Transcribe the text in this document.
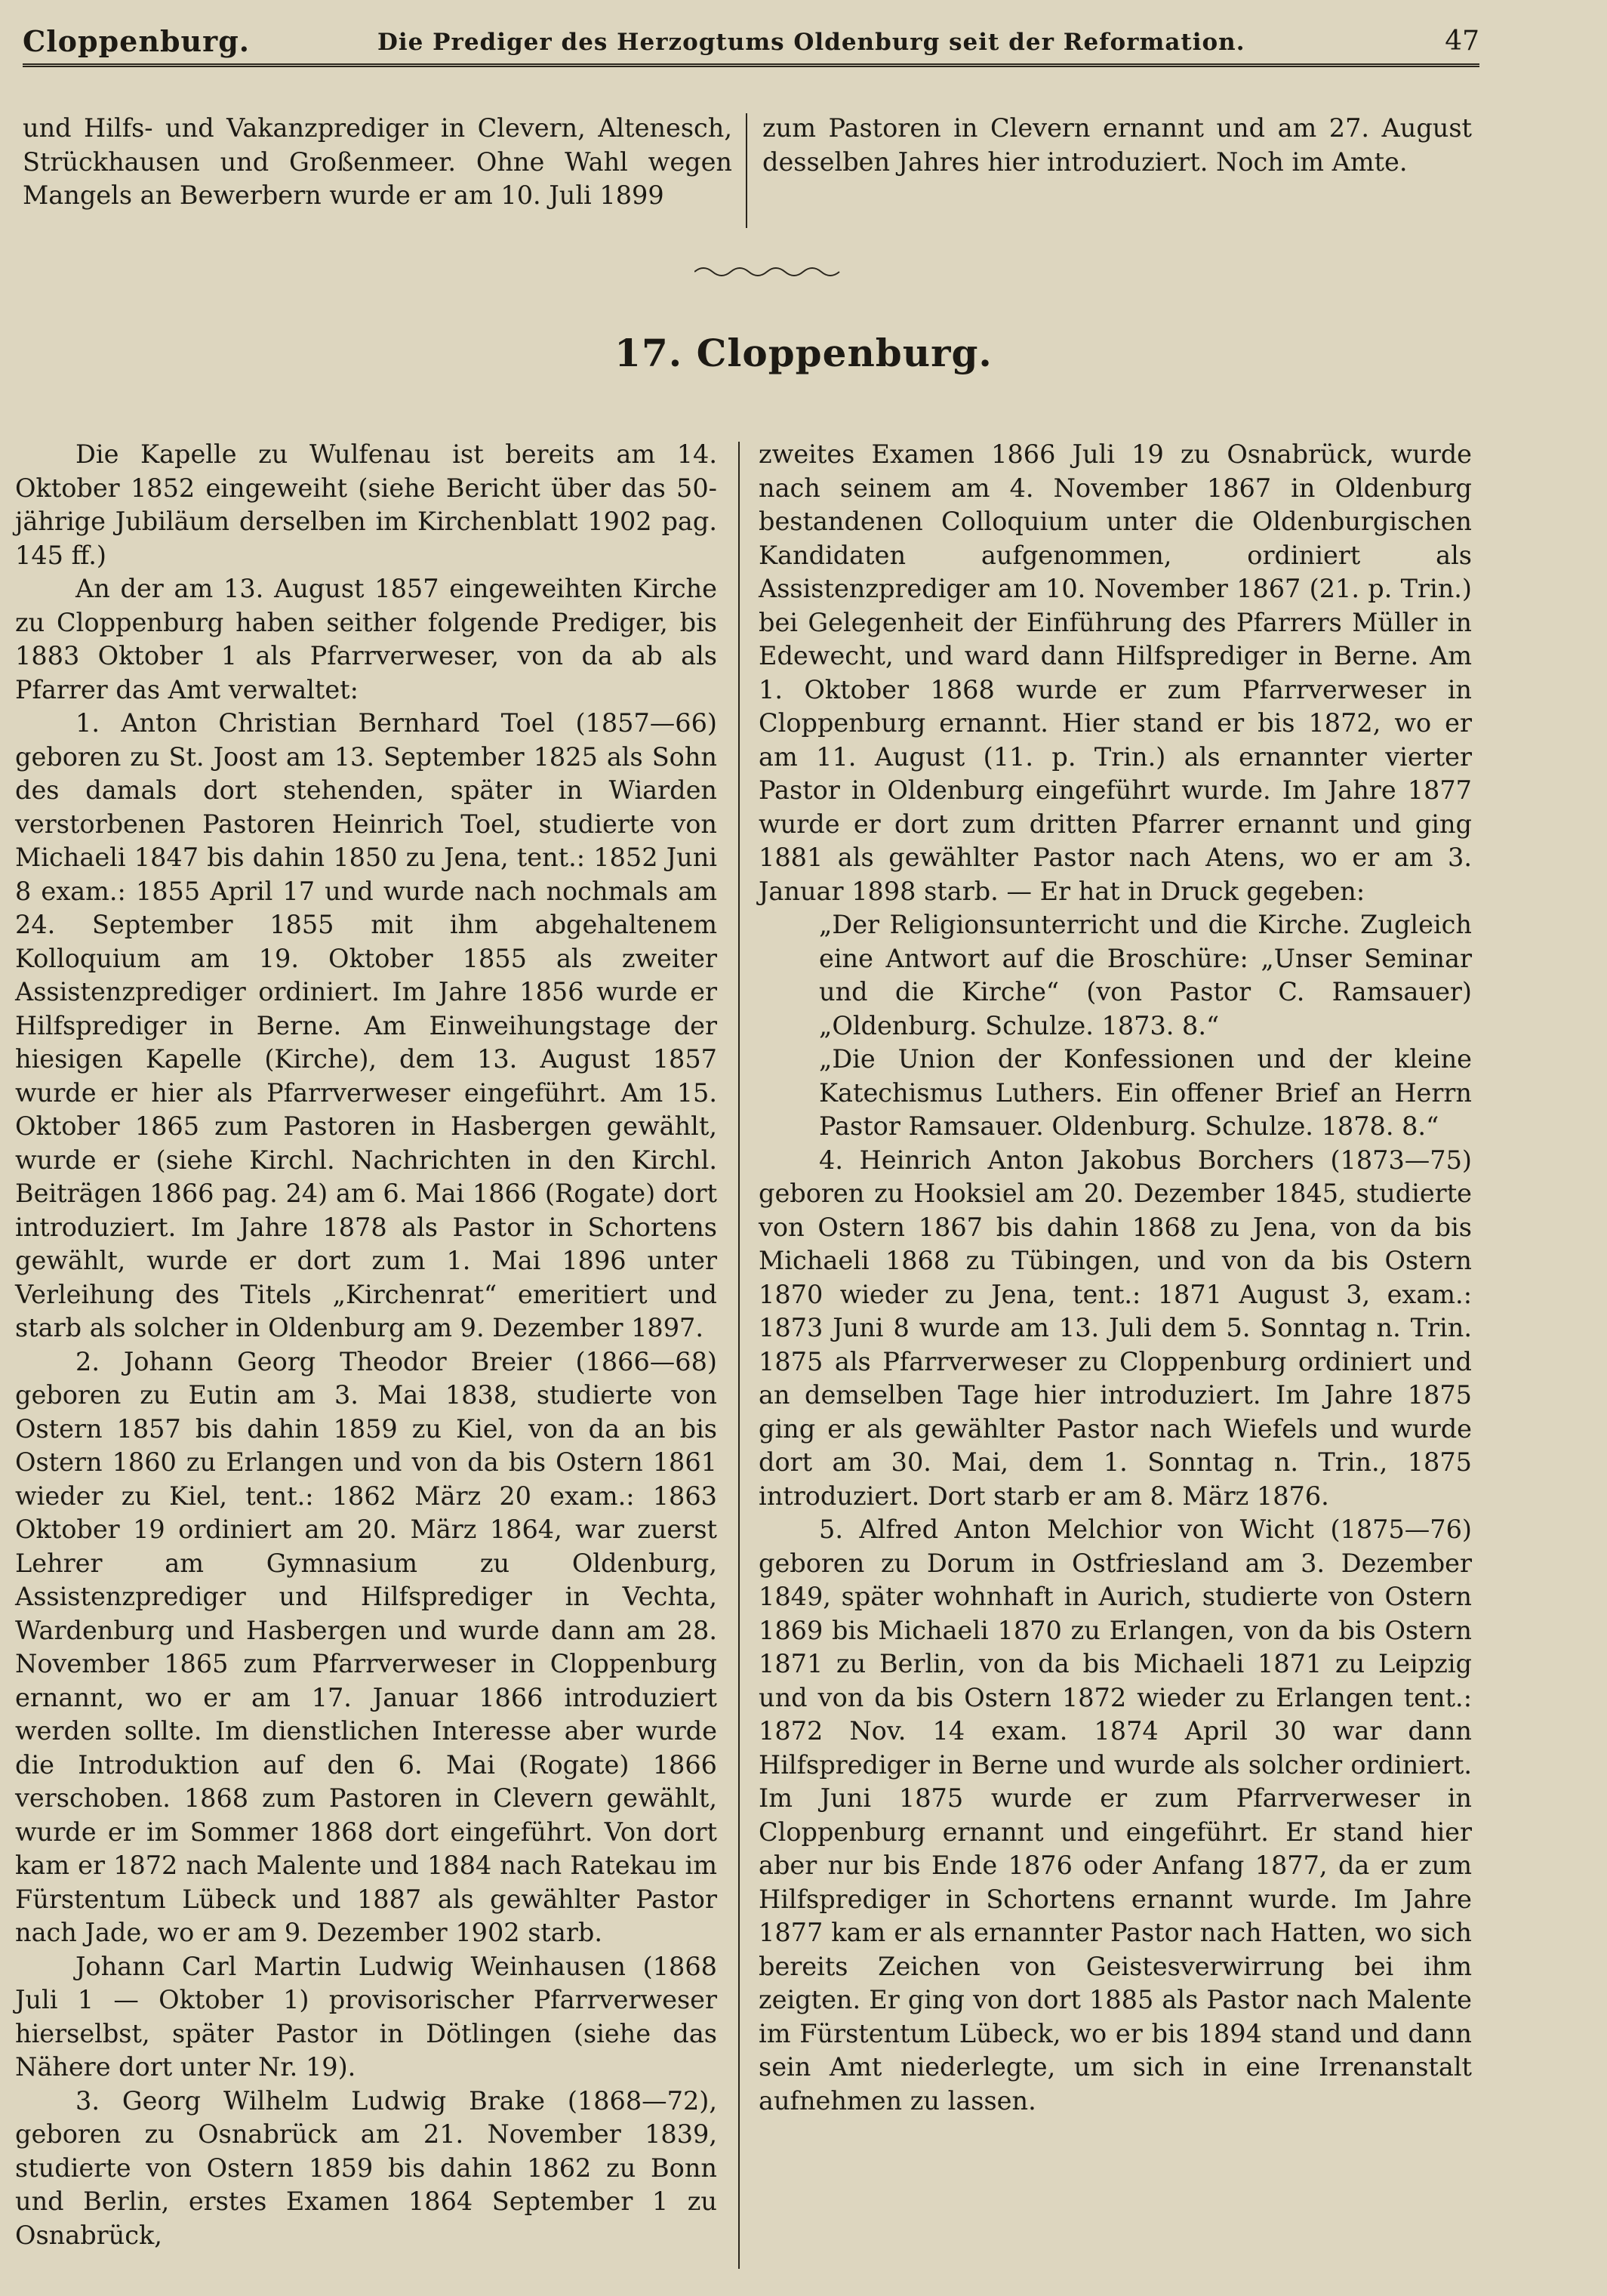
Cloppenburg.	Die Prediger des Herzogtums Oldenburg seit der Reformation.	47

und Hilfs- und Vakanzprediger in Clevern, Altenesch, Strückhausen und Großenmeer. Ohne Wahl wegen Mangels an Bewerbern wurde er am 10. Juli 1899

zum Pastoren in Clevern ernannt und am 27. August desselben Jahres hier introduziert. Noch im Amte.

17. Cloppenburg.

Die Kapelle zu Wulfenau ist bereits am 14. Oktober 1852 eingeweiht (siehe Bericht über das 50-jährige Jubiläum derselben im Kirchenblatt 1902 pag. 145 ff.)

An der am 13. August 1857 eingeweihten Kirche zu Cloppenburg haben seither folgende Prediger, bis 1883 Oktober 1 als Pfarrverweser, von da ab als Pfarrer das Amt verwaltet:

1. Anton Christian Bernhard Toel (1857—66) geboren zu St. Joost am 13. September 1825 als Sohn des damals dort stehenden, später in Wiarden verstorbenen Pastoren Heinrich Toel, studierte von Michaeli 1847 bis dahin 1850 zu Jena, tent.: 1852 Juni 8 exam.: 1855 April 17 und wurde nach nochmals am 24. September 1855 mit ihm abgehaltenem Kolloquium am 19. Oktober 1855 als zweiter Assistenzprediger ordiniert. Im Jahre 1856 wurde er Hilfsprediger in Berne. Am Einweihungstage der hiesigen Kapelle (Kirche), dem 13. August 1857 wurde er hier als Pfarrverweser eingeführt. Am 15. Oktober 1865 zum Pastoren in Hasbergen gewählt, wurde er (siehe Kirchl. Nachrichten in den Kirchl. Beiträgen 1866 pag. 24) am 6. Mai 1866 (Rogate) dort introduziert. Im Jahre 1878 als Pastor in Schortens gewählt, wurde er dort zum 1. Mai 1896 unter Verleihung des Titels „Kirchenrat“ emeritiert und starb als solcher in Oldenburg am 9. Dezember 1897.

2. Johann Georg Theodor Breier (1866—68) geboren zu Eutin am 3. Mai 1838, studierte von Ostern 1857 bis dahin 1859 zu Kiel, von da an bis Ostern 1860 zu Erlangen und von da bis Ostern 1861 wieder zu Kiel, tent.: 1862 März 20 exam.: 1863 Oktober 19 ordiniert am 20. März 1864, war zuerst Lehrer am Gymnasium zu Oldenburg, Assistenzprediger und Hilfsprediger in Vechta, Wardenburg und Hasbergen und wurde dann am 28. November 1865 zum Pfarrverweser in Cloppenburg ernannt, wo er am 17. Januar 1866 introduziert werden sollte. Im dienstlichen Interesse aber wurde die Introduktion auf den 6. Mai (Rogate) 1866 verschoben. 1868 zum Pastoren in Clevern gewählt, wurde er im Sommer 1868 dort eingeführt. Von dort kam er 1872 nach Malente und 1884 nach Ratekau im Fürstentum Lübeck und 1887 als gewählter Pastor nach Jade, wo er am 9. Dezember 1902 starb.

Johann Carl Martin Ludwig Weinhausen (1868 Juli 1 — Oktober 1) provisorischer Pfarrverweser hierselbst, später Pastor in Dötlingen (siehe das Nähere dort unter Nr. 19).

3. Georg Wilhelm Ludwig Brake (1868—72), geboren zu Osnabrück am 21. November 1839, studierte von Ostern 1859 bis dahin 1862 zu Bonn und Berlin, erstes Examen 1864 September 1 zu Osnabrück,

zweites Examen 1866 Juli 19 zu Osnabrück, wurde nach seinem am 4. November 1867 in Oldenburg bestandenen Colloquium unter die Oldenburgischen Kandidaten aufgenommen, ordiniert als Assistenzprediger am 10. November 1867 (21. p. Trin.) bei Gelegenheit der Einführung des Pfarrers Müller in Edewecht, und ward dann Hilfsprediger in Berne. Am 1. Oktober 1868 wurde er zum Pfarrverweser in Cloppenburg ernannt. Hier stand er bis 1872, wo er am 11. August (11. p. Trin.) als ernannter vierter Pastor in Oldenburg eingeführt wurde. Im Jahre 1877 wurde er dort zum dritten Pfarrer ernannt und ging 1881 als gewählter Pastor nach Atens, wo er am 3. Januar 1898 starb. — Er hat in Druck gegeben:

„Der Religionsunterricht und die Kirche. Zugleich eine Antwort auf die Broschüre: „Unser Seminar und die Kirche“ (von Pastor C. Ramsauer) „Oldenburg. Schulze. 1873. 8.“

„Die Union der Konfessionen und der kleine Katechismus Luthers. Ein offener Brief an Herrn Pastor Ramsauer. Oldenburg. Schulze. 1878. 8.“

4. Heinrich Anton Jakobus Borchers (1873—75) geboren zu Hooksiel am 20. Dezember 1845, studierte von Ostern 1867 bis dahin 1868 zu Jena, von da bis Michaeli 1868 zu Tübingen, und von da bis Ostern 1870 wieder zu Jena, tent.: 1871 August 3, exam.: 1873 Juni 8 wurde am 13. Juli dem 5. Sonntag n. Trin. 1875 als Pfarrverweser zu Cloppenburg ordiniert und an demselben Tage hier introduziert. Im Jahre 1875 ging er als gewählter Pastor nach Wiefels und wurde dort am 30. Mai, dem 1. Sonntag n. Trin., 1875 introduziert. Dort starb er am 8. März 1876.

5. Alfred Anton Melchior von Wicht (1875—76) geboren zu Dorum in Ostfriesland am 3. Dezember 1849, später wohnhaft in Aurich, studierte von Ostern 1869 bis Michaeli 1870 zu Erlangen, von da bis Ostern 1871 zu Berlin, von da bis Michaeli 1871 zu Leipzig und von da bis Ostern 1872 wieder zu Erlangen tent.: 1872 Nov. 14 exam. 1874 April 30 war dann Hilfsprediger in Berne und wurde als solcher ordiniert. Im Juni 1875 wurde er zum Pfarrverweser in Cloppenburg ernannt und eingeführt. Er stand hier aber nur bis Ende 1876 oder Anfang 1877, da er zum Hilfsprediger in Schortens ernannt wurde. Im Jahre 1877 kam er als ernannter Pastor nach Hatten, wo sich bereits Zeichen von Geistesverwirrung bei ihm zeigten. Er ging von dort 1885 als Pastor nach Malente im Fürstentum Lübeck, wo er bis 1894 stand und dann sein Amt niederlegte, um sich in eine Irrenanstalt aufnehmen zu lassen.
